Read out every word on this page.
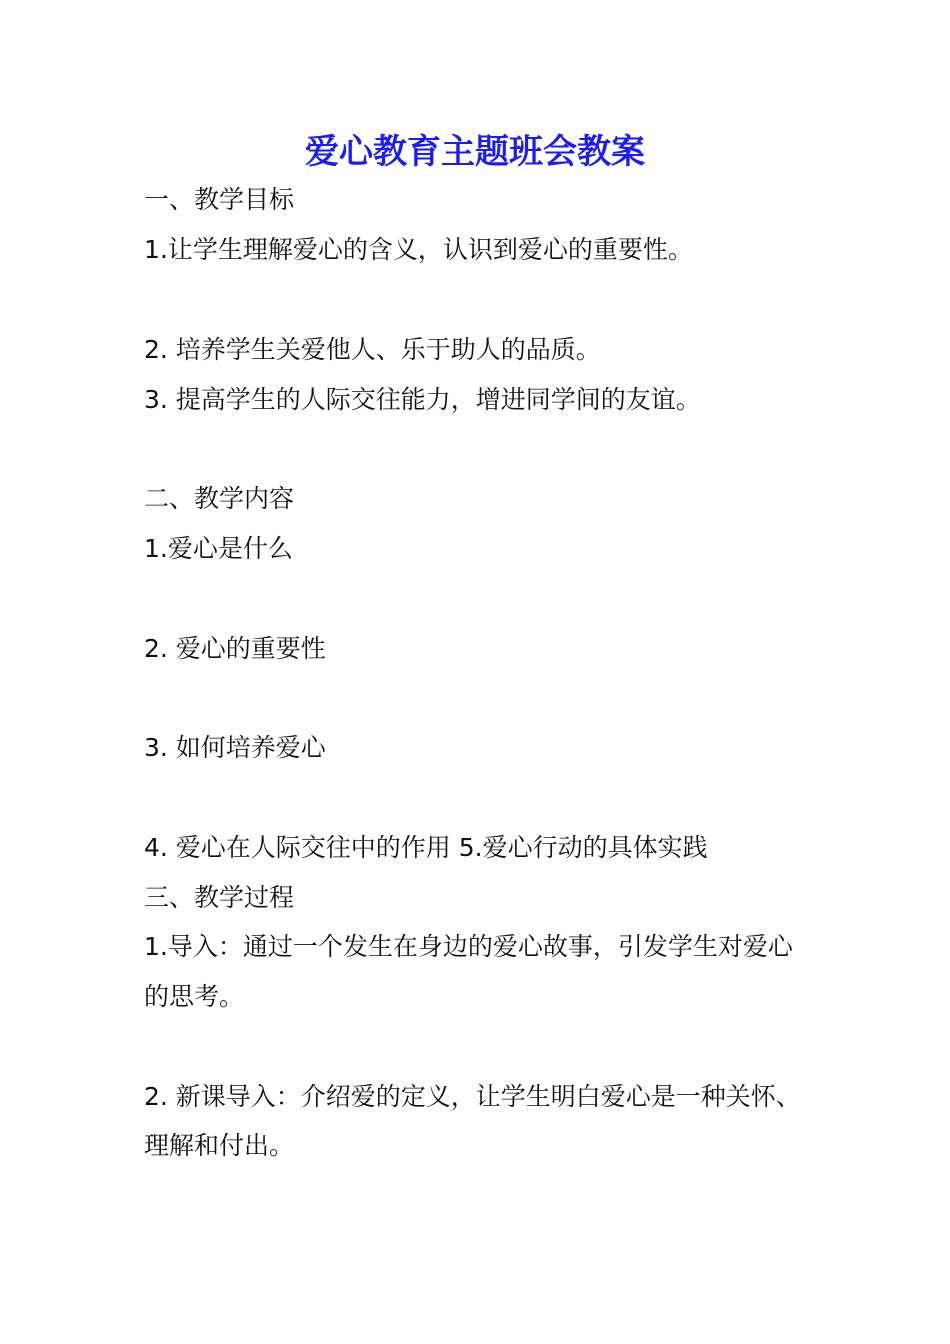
爱心教育主题班会教案

一、教学目标

1.让学生理解爱心的含义，认识到爱心的重要性。

2. 培养学生关爱他人、乐于助人的品质。

3. 提高学生的人际交往能力，增进同学间的友谊。

二、教学内容

1.爱心是什么

2. 爱心的重要性

3. 如何培养爱心

4. 爱心在人际交往中的作用 5.爱心行动的具体实践

三、教学过程

1.导入：通过一个发生在身边的爱心故事，引发学生对爱心

的思考。

2. 新课导入：介绍爱的定义，让学生明白爱心是一种关怀、

理解和付出。
